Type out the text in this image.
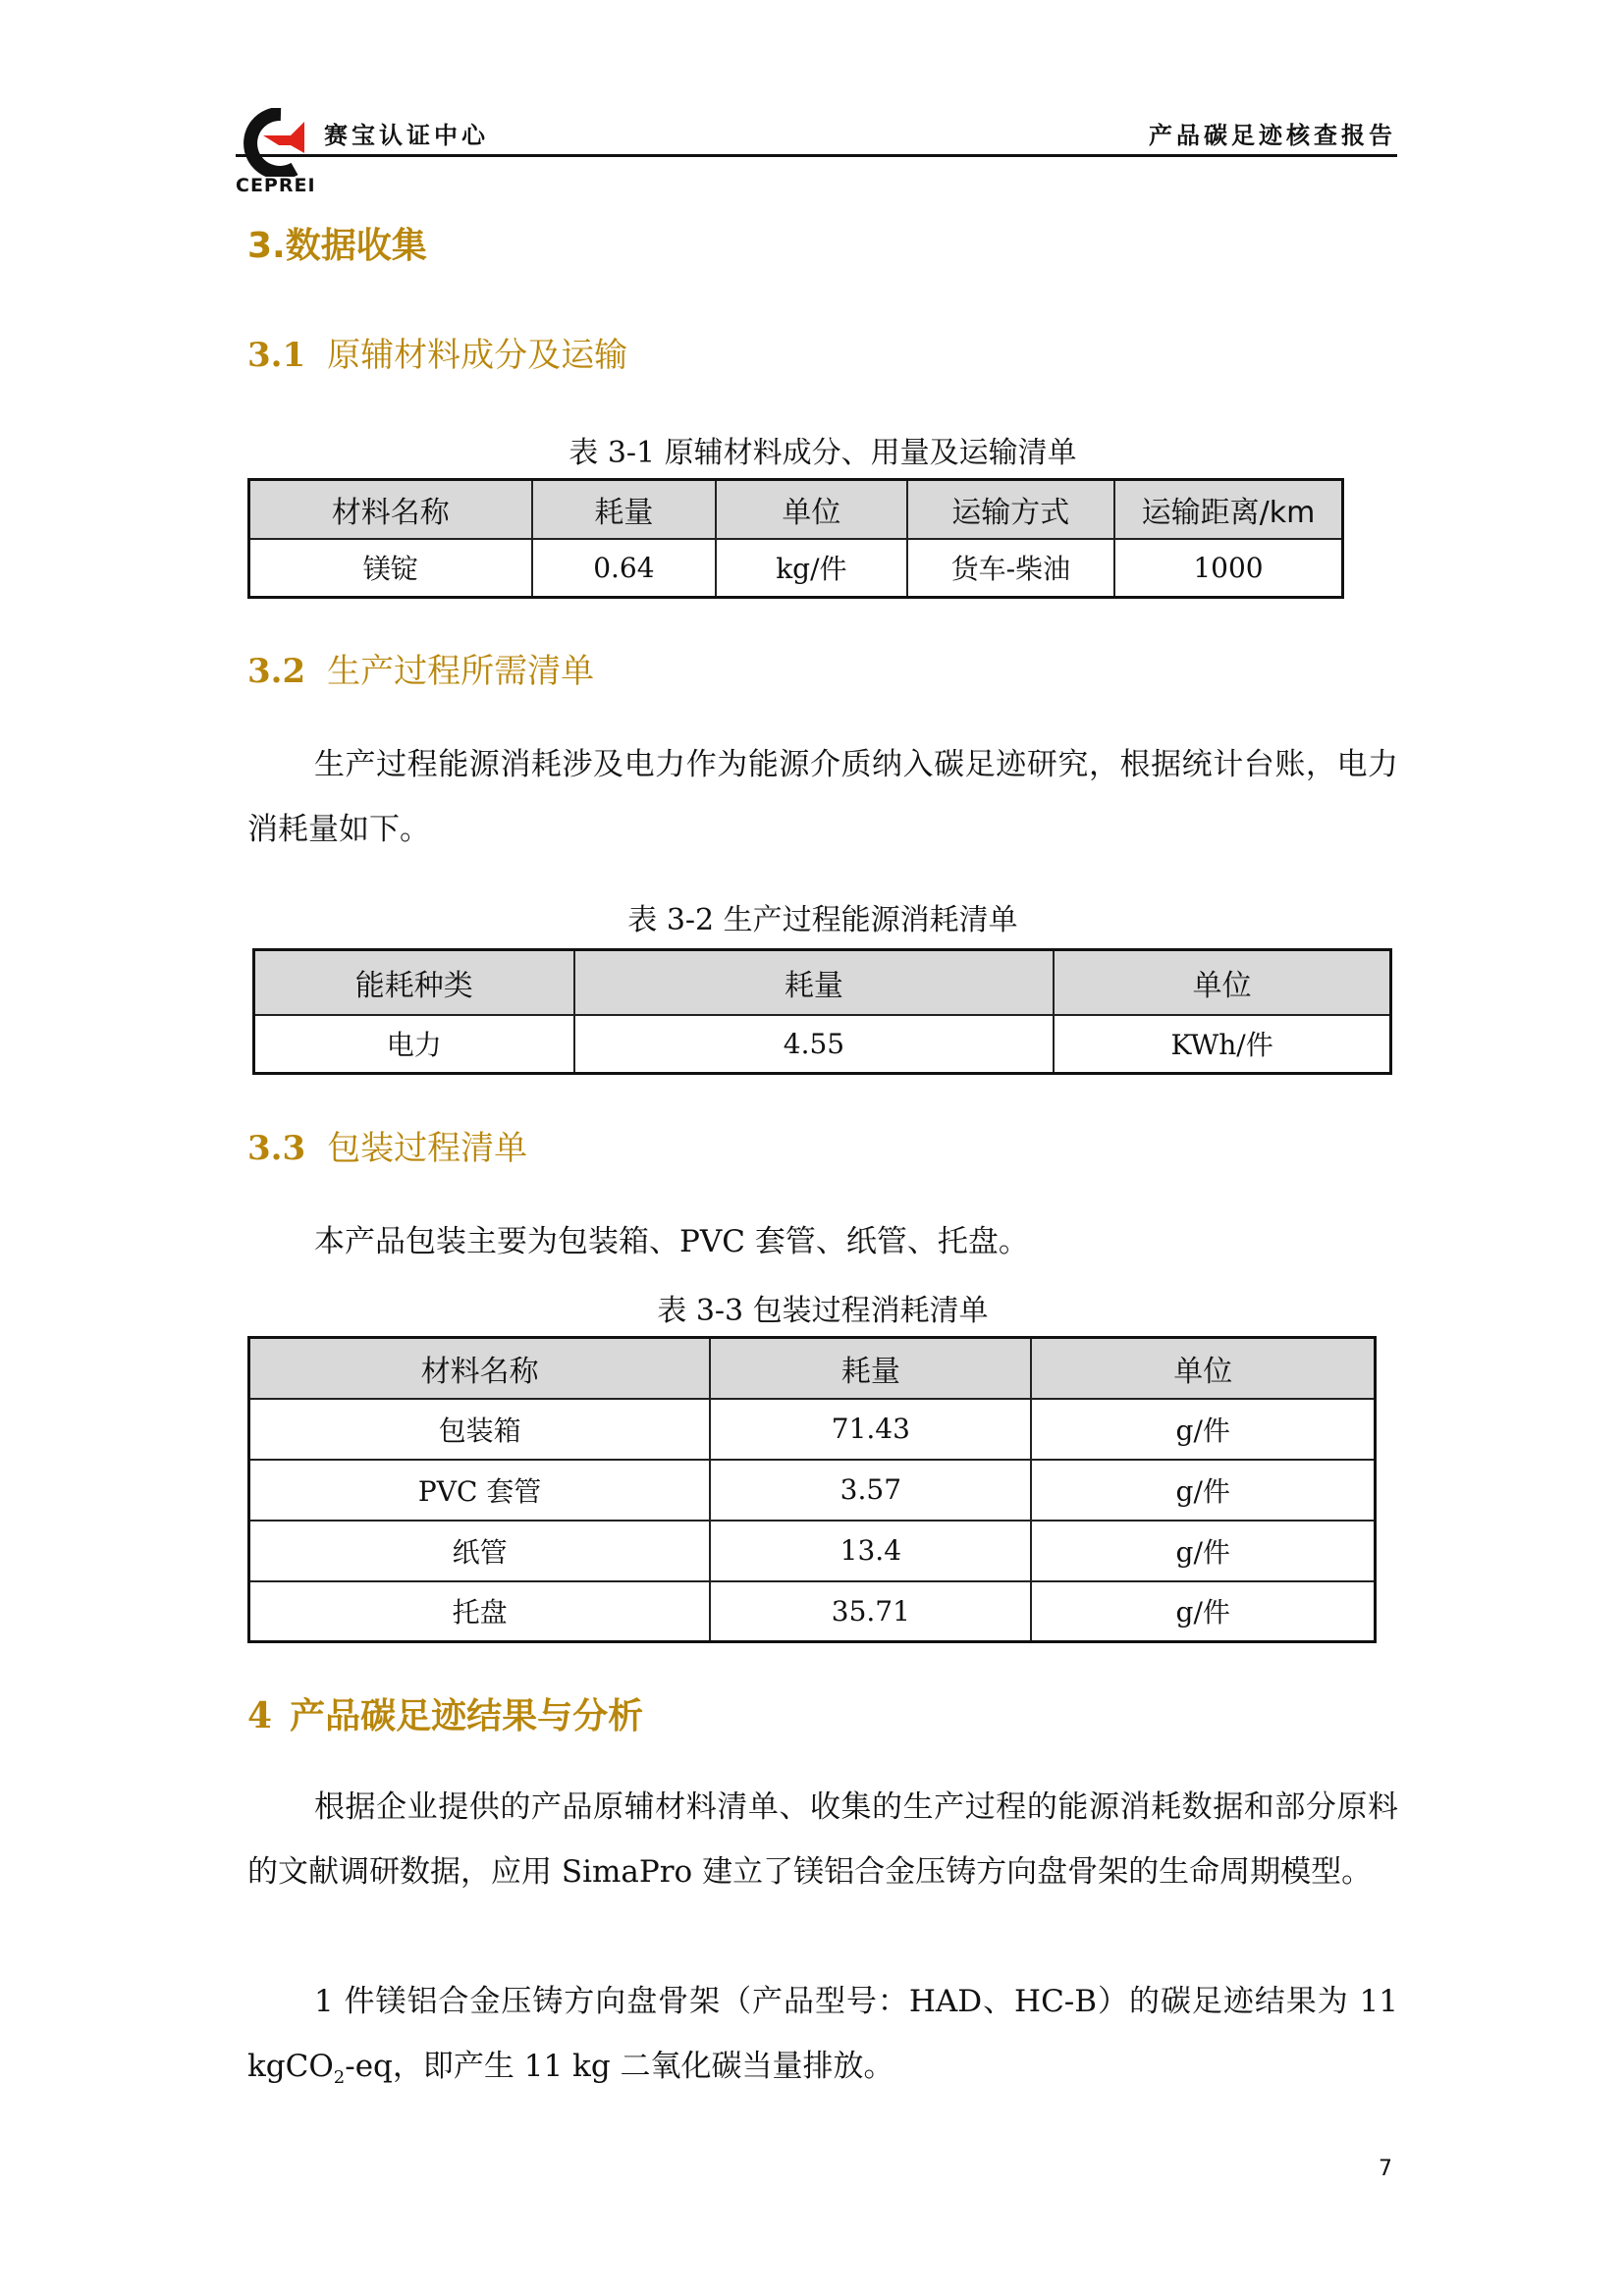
CEPREI
赛宝认证中心	产品碳足迹核查报告
3.数据收集
3.1 原辅材料成分及运输
表 3-1 原辅材料成分、用量及运输清单
材料名称	耗量	单位	运输方式	运输距离/km
镁锭	0.64	kg/件	货车-柴油	1000
3.2 生产过程所需清单
生产过程能源消耗涉及电力作为能源介质纳入碳足迹研究，根据统计台账，电力消耗量如下。
表 3-2 生产过程能源消耗清单
能耗种类	耗量	单位
电力	4.55	KWh/件
3.3 包装过程清单
本产品包装主要为包装箱、PVC 套管、纸管、托盘。
表 3-3 包装过程消耗清单
材料名称	耗量	单位
包装箱	71.43	g/件
PVC 套管	3.57	g/件
纸管	13.4	g/件
托盘	35.71	g/件
4 产品碳足迹结果与分析
根据企业提供的产品原辅材料清单、收集的生产过程的能源消耗数据和部分原料的文献调研数据，应用 SimaPro 建立了镁铝合金压铸方向盘骨架的生命周期模型。
1 件镁铝合金压铸方向盘骨架（产品型号：HAD、HC-B）的碳足迹结果为 11 kgCO$_2$-eq，即产生 11 kg 二氧化碳当量排放。
7
